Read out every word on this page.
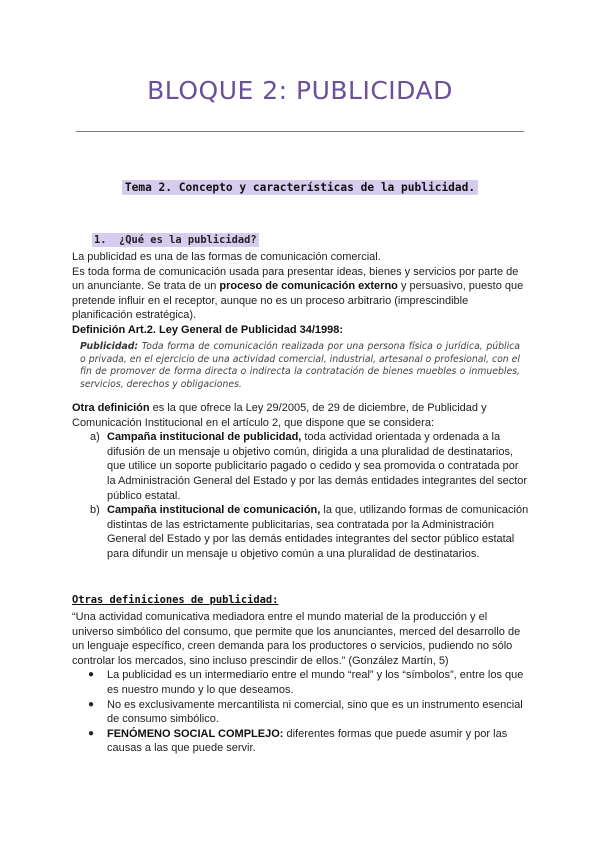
BLOQUE 2: PUBLICIDAD
Tema 2. Concepto y características de la publicidad.
1. ¿Qué es la publicidad?
La publicidad es una de las formas de comunicación comercial.
Es toda forma de comunicación usada para presentar ideas, bienes y servicios por parte de un anunciante. Se trata de un proceso de comunicación externo y persuasivo, puesto que pretende influir en el receptor, aunque no es un proceso arbitrario (imprescindible planificación estratégica).
Definición Art.2. Ley General de Publicidad 34/1998:
Publicidad: Toda forma de comunicación realizada por una persona física o jurídica, pública o privada, en el ejercicio de una actividad comercial, industrial, artesanal o profesional, con el fin de promover de forma directa o indirecta la contratación de bienes muebles o inmuebles, servicios, derechos y obligaciones.
Otra definición es la que ofrece la Ley 29/2005, de 29 de diciembre, de Publicidad y Comunicación Institucional en el artículo 2, que dispone que se considera:
a) Campaña institucional de publicidad, toda actividad orientada y ordenada a la difusión de un mensaje u objetivo común, dirigida a una pluralidad de destinatarios, que utilice un soporte publicitario pagado o cedido y sea promovida o contratada por la Administración General del Estado y por las demás entidades integrantes del sector público estatal.
b) Campaña institucional de comunicación, la que, utilizando formas de comunicación distintas de las estrictamente publicitarias, sea contratada por la Administración General del Estado y por las demás entidades integrantes del sector público estatal para difundir un mensaje u objetivo común a una pluralidad de destinatarios.
Otras definiciones de publicidad:
“Una actividad comunicativa mediadora entre el mundo material de la producción y el universo simbólico del consumo, que permite que los anunciantes, merced del desarrollo de un lenguaje específico, creen demanda para los productores o servicios, pudiendo no sólo controlar los mercados, sino incluso prescindir de ellos.” (González Martín, 5)
● La publicidad es un intermediario entre el mundo “real” y los “símbolos”, entre los que es nuestro mundo y lo que deseamos.
● No es exclusivamente mercantilista ni comercial, sino que es un instrumento esencial de consumo simbólico.
● FENÓMENO SOCIAL COMPLEJO: diferentes formas que puede asumir y por las causas a las que puede servir.
